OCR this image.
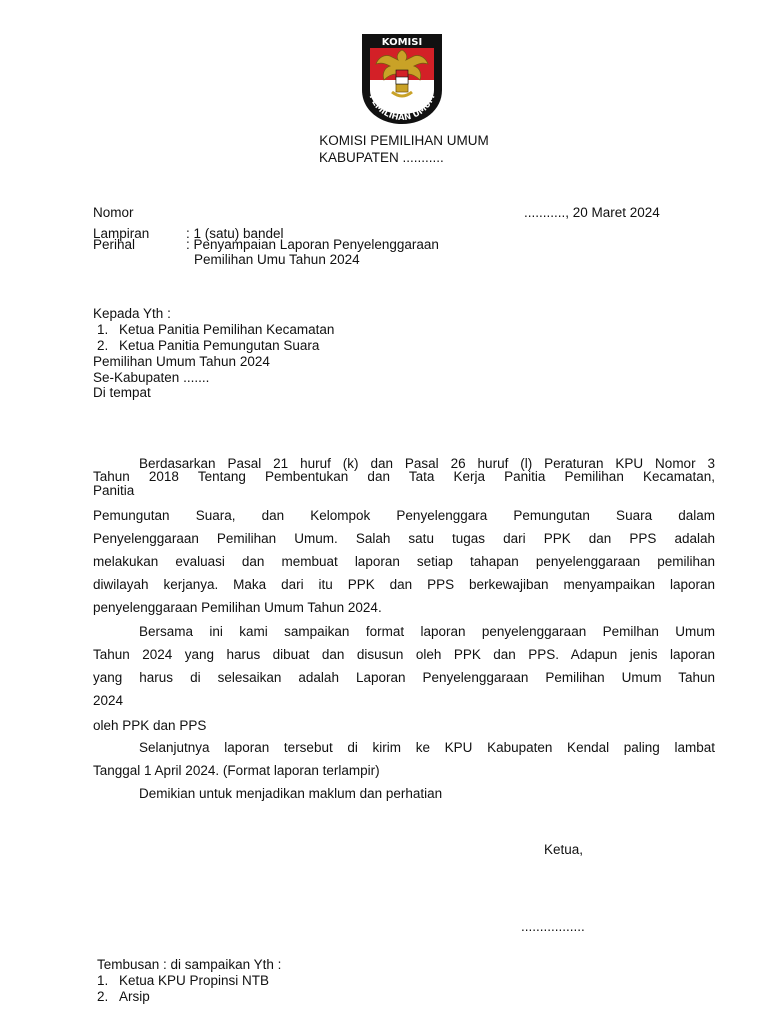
KOMISI
PEMILIHAN UMUM
KOMISI PEMILIHAN UMUM
KABUPATEN ...........
Nomor	..........., 20 Maret 2024
Lampiran	: 1 (satu) bandel
Perihal	: Penyampaian Laporan Penyelenggaraan
Pemilihan Umu Tahun 2024
Kepada Yth :
1. Ketua Panitia Pemilihan Kecamatan
2. Ketua Panitia Pemungutan Suara
Pemilihan Umum Tahun 2024
Se-Kabupaten .......
Di tempat
Berdasarkan Pasal 21 huruf (k) dan Pasal 26 huruf (l) Peraturan KPU Nomor 3
Tahun 2018 Tentang Pembentukan dan Tata Kerja Panitia Pemilihan Kecamatan,
Panitia
Pemungutan Suara, dan Kelompok Penyelenggara Pemungutan Suara dalam
Penyelenggaraan Pemilihan Umum. Salah satu tugas dari PPK dan PPS adalah
melakukan evaluasi dan membuat laporan setiap tahapan penyelenggaraan pemilihan
diwilayah kerjanya. Maka dari itu PPK dan PPS berkewajiban menyampaikan laporan
penyelenggaraan Pemilihan Umum Tahun 2024.
Bersama ini kami sampaikan format laporan penyelenggaraan Pemilhan Umum
Tahun 2024 yang harus dibuat dan disusun oleh PPK dan PPS. Adapun jenis laporan
yang harus di selesaikan adalah Laporan Penyelenggaraan Pemilihan Umum Tahun
2024
oleh PPK dan PPS
Selanjutnya laporan tersebut di kirim ke KPU Kabupaten Kendal paling lambat
Tanggal 1 April 2024. (Format laporan terlampir)
Demikian untuk menjadikan maklum dan perhatian
Ketua,
.................
Tembusan : di sampaikan Yth :
1. Ketua KPU Propinsi NTB
2. Arsip
